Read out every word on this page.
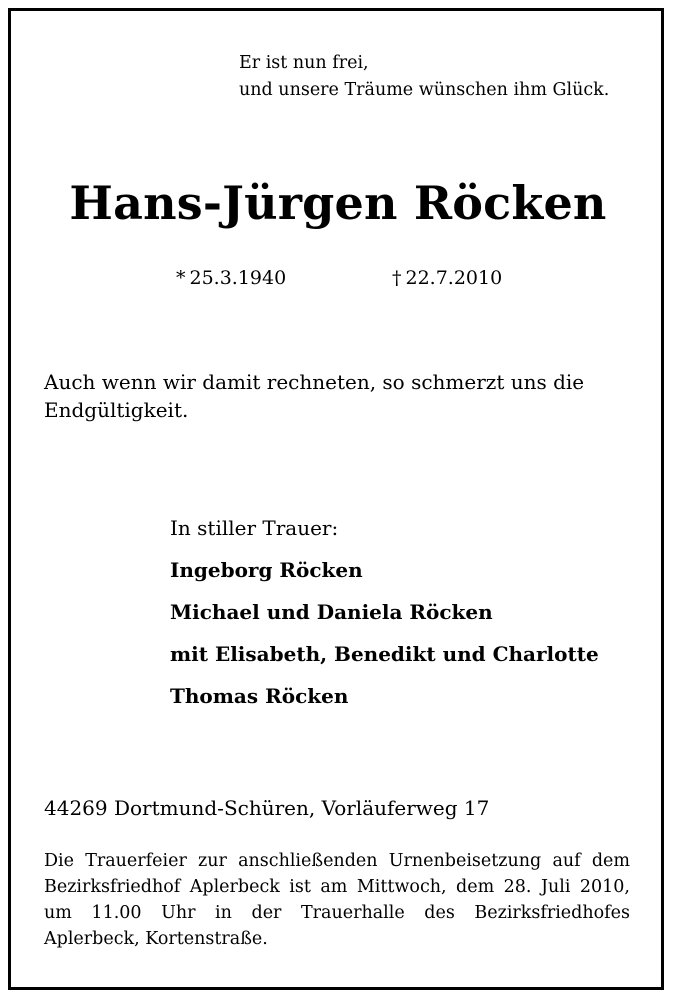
Er ist nun frei,
und unsere Träume wünschen ihm Glück.
Hans-Jürgen Röcken
* 25.3.1940	† 22.7.2010
Auch wenn wir damit rechneten, so schmerzt uns die
Endgültigkeit.
In stiller Trauer:
Ingeborg Röcken
Michael und Daniela Röcken
mit Elisabeth, Benedikt und Charlotte
Thomas Röcken
44269 Dortmund-Schüren, Vorläuferweg 17
Die Trauerfeier zur anschließenden Urnenbeisetzung auf dem
Bezirksfriedhof Aplerbeck ist am Mittwoch, dem 28. Juli 2010,
um 11.00 Uhr in der Trauerhalle des Bezirksfriedhofes
Aplerbeck, Kortenstraße.
